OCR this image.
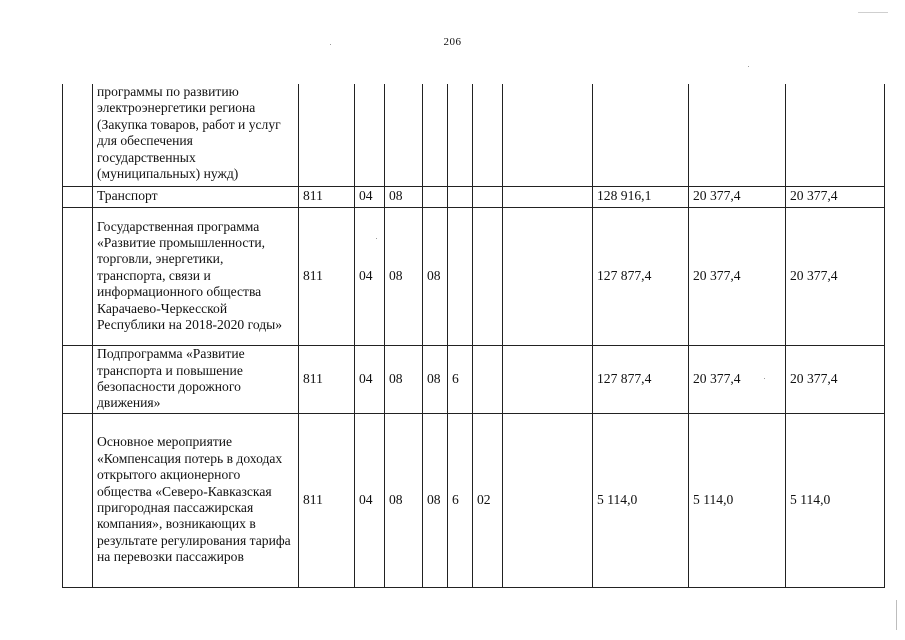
206
	программы по развитию электроэнергетики региона (Закупка товаров, работ и услуг для обеспечения государственных (муниципальных) нужд)										
	Транспорт	811	04	08					128 916,1	20 377,4	20 377,4
	Государственная программа «Развитие промышленности, торговли, энергетики, транспорта, связи и информационного общества Карачаево-Черкесской Республики на 2018-2020 годы»	811	04	08	08				127 877,4	20 377,4	20 377,4
	Подпрограмма «Развитие транспорта и повышение безопасности дорожного движения»	811	04	08	08	6			127 877,4	20 377,4	20 377,4
	Основное мероприятие «Компенсация потерь в доходах открытого акционерного общества «Северо-Кавказская пригородная пассажирская компания», возникающих в результате регулирования тарифа на перевозки пассажиров	811	04	08	08	6	02		5 114,0	5 114,0	5 114,0
